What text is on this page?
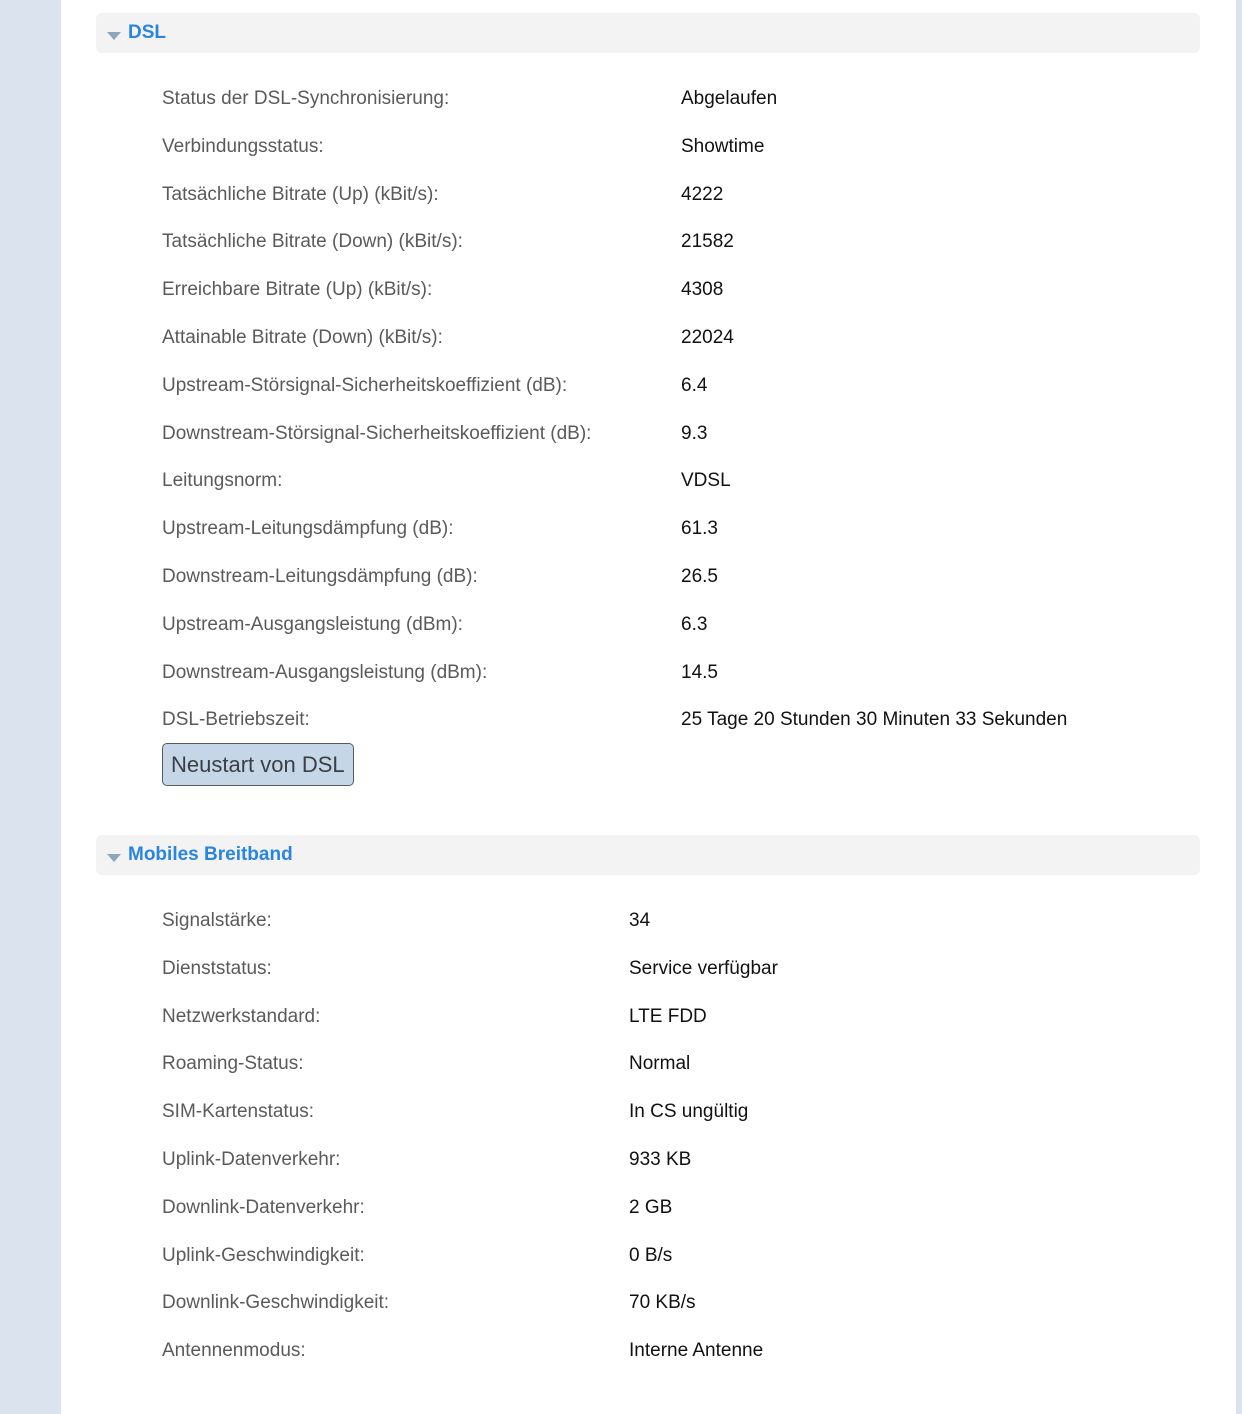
DSL
Status der DSL-Synchronisierung:	Abgelaufen
Verbindungsstatus:	Showtime
Tatsächliche Bitrate (Up) (kBit/s):	4222
Tatsächliche Bitrate (Down) (kBit/s):	21582
Erreichbare Bitrate (Up) (kBit/s):	4308
Attainable Bitrate (Down) (kBit/s):	22024
Upstream-Störsignal-Sicherheitskoeffizient (dB):	6.4
Downstream-Störsignal-Sicherheitskoeffizient (dB):	9.3
Leitungsnorm:	VDSL
Upstream-Leitungsdämpfung (dB):	61.3
Downstream-Leitungsdämpfung (dB):	26.5
Upstream-Ausgangsleistung (dBm):	6.3
Downstream-Ausgangsleistung (dBm):	14.5
DSL-Betriebszeit:	25 Tage 20 Stunden 30 Minuten 33 Sekunden
Neustart von DSL
Mobiles Breitband
Signalstärke:	34
Dienststatus:	Service verfügbar
Netzwerkstandard:	LTE FDD
Roaming-Status:	Normal
SIM-Kartenstatus:	In CS ungültig
Uplink-Datenverkehr:	933 KB
Downlink-Datenverkehr:	2 GB
Uplink-Geschwindigkeit:	0 B/s
Downlink-Geschwindigkeit:	70 KB/s
Antennenmodus:	Interne Antenne
